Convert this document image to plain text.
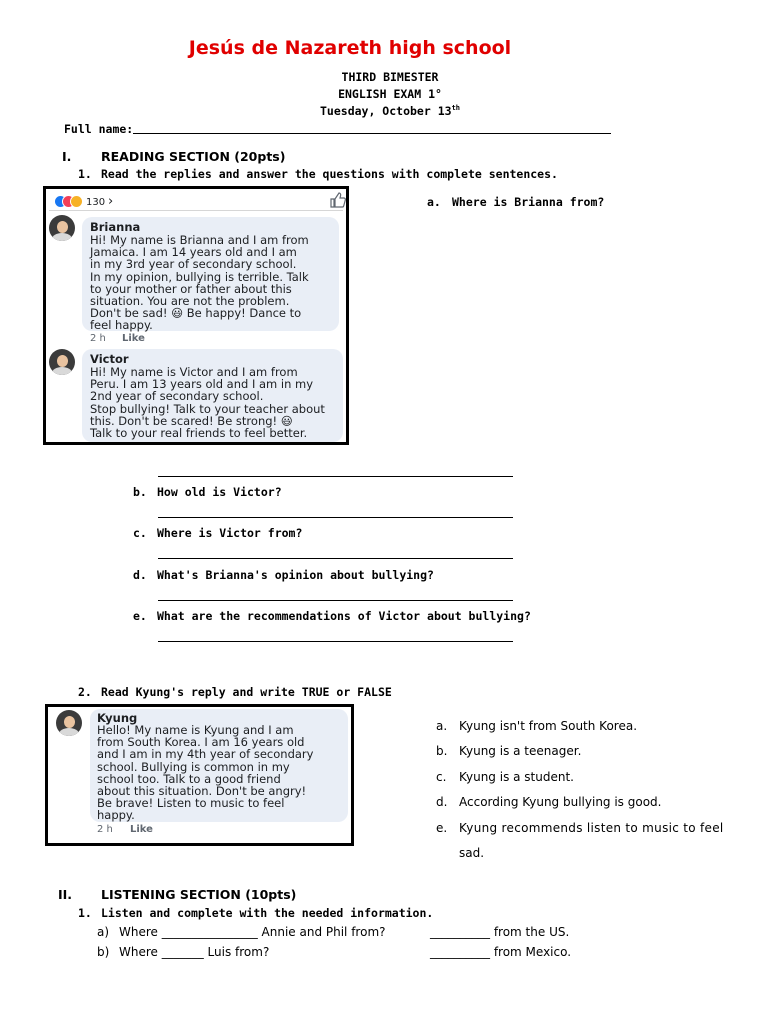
Jesús de Nazareth high school
THIRD BIMESTER
ENGLISH EXAM 1°
Tuesday, October 13th
Full name:
I. READING SECTION (20pts)
1. Read the replies and answer the questions with complete sentences.
130 ›
Brianna
Hi! My name is Brianna and I am from
Jamaica. I am 14 years old and I am
in my 3rd year of secondary school.
In my opinion, bullying is terrible. Talk
to your mother or father about this
situation. You are not the problem.
Don't be sad! 😃 Be happy! Dance to
feel happy.
2 h Like
Victor
Hi! My name is Victor and I am from
Peru. I am 13 years old and I am in my
2nd year of secondary school.
Stop bullying! Talk to your teacher about
this. Don't be scared! Be strong! 😃
Talk to your real friends to feel better.
a. Where is Brianna from?
b. How old is Victor?
c. Where is Victor from?
d. What's Brianna's opinion about bullying?
e. What are the recommendations of Victor about bullying?
2. Read Kyung's reply and write TRUE or FALSE
Kyung
Hello! My name is Kyung and I am
from South Korea. I am 16 years old
and I am in my 4th year of secondary
school. Bullying is common in my
school too. Talk to a good friend
about this situation. Don't be angry!
Be brave! Listen to music to feel
happy.
2 h Like
a. Kyung isn't from South Korea.
b. Kyung is a teenager.
c. Kyung is a student.
d. According Kyung bullying is good.
e. Kyung recommends listen to music to feel
sad.
II. LISTENING SECTION (10pts)
1. Listen and complete with the needed information.
a) Where ________________ Annie and Phil from?	__________ from the US.
b) Where _______ Luis from?	__________ from Mexico.
